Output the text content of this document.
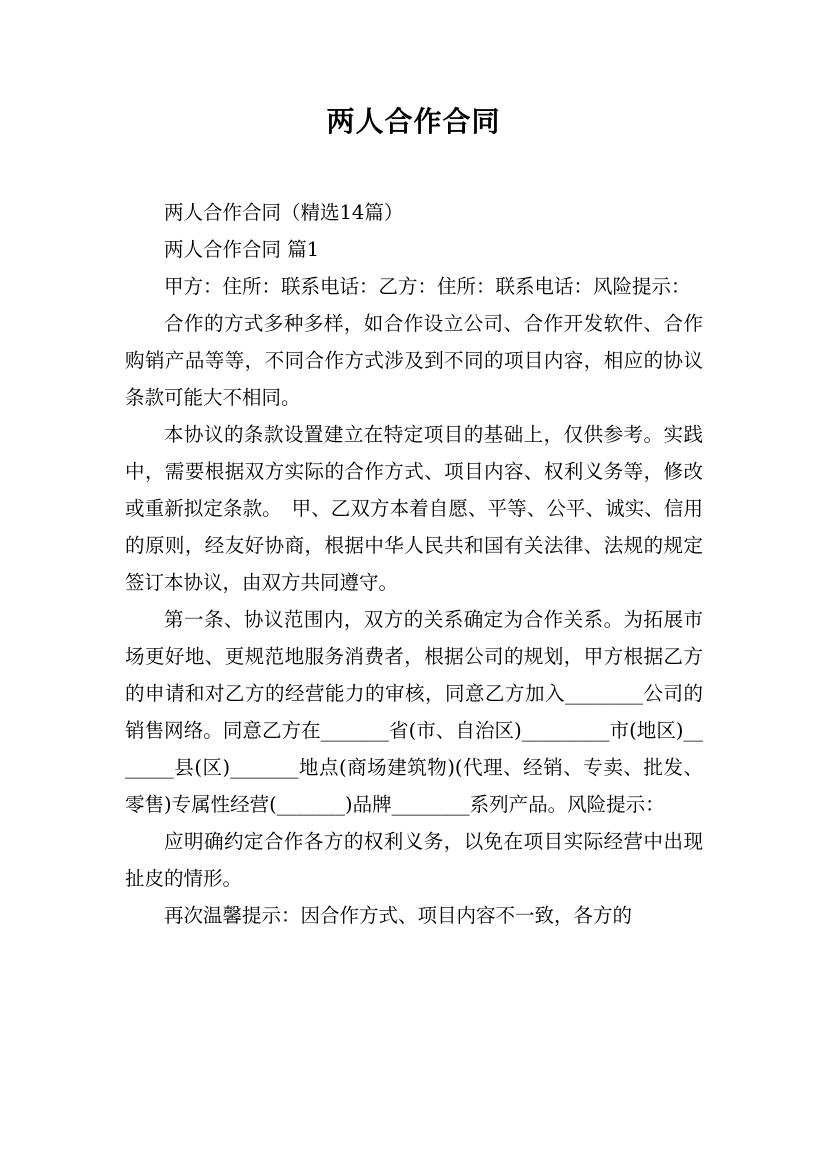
两人合作合同

两人合作合同（精选14篇）

两人合作合同 篇1

甲方：住所：联系电话：乙方：住所：联系电话：风险提示：

合作的方式多种多样，如合作设立公司、合作开发软件、合作购销产品等等，不同合作方式涉及到不同的项目内容，相应的协议条款可能大不相同。

本协议的条款设置建立在特定项目的基础上，仅供参考。实践中，需要根据双方实际的合作方式、项目内容、权利义务等，修改或重新拟定条款。　甲、乙双方本着自愿、平等、公平、诚实、信用的原则，经友好协商，根据中华人民共和国有关法律、法规的规定签订本协议，由双方共同遵守。

第一条、协议范围内，双方的关系确定为合作关系。为拓展市场更好地、更规范地服务消费者，根据公司的规划，甲方根据乙方的申请和对乙方的经营能力的审核，同意乙方加入________公司的销售网络。同意乙方在_______省(市、自治区)_________市(地区)_______县(区)_______地点(商场建筑物)(代理、经销、专卖、批发、零售)专属性经营(_______)品牌________系列产品。风险提示：

应明确约定合作各方的权利义务，以免在项目实际经营中出现扯皮的情形。

再次温馨提示：因合作方式、项目内容不一致，各方的
